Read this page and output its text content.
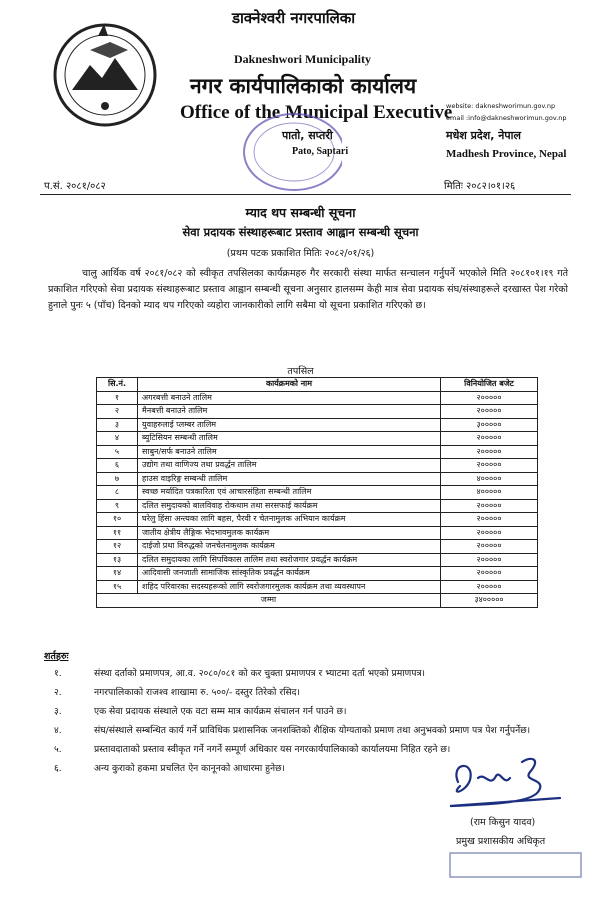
डाक्नेश्वरी नगरपालिका
Dakneshwori Municipality
नगर कार्यपालिकाको कार्यालय
Office of the Municipal Executive
website: dakneshworimun.gov.np
email :info@dakneshworimun.gov.np
पातो, सप्तरी
Pato, Saptari
मधेश प्रदेश, नेपाल
Madhesh Province, Nepal
प.सं. २०८१/०८२	मितिः २०८२।०१।२६
म्याद थप सम्बन्धी सूचना
सेवा प्रदायक संस्थाहरूबाट प्रस्ताव आह्वान सम्बन्धी सूचना
(प्रथम पटक प्रकाशित मितिः २०८२/०१/२६)
चालु आर्थिक वर्ष २०८१/०८२ को स्वीकृत तपसिलका कार्यक्रमहरु गैर सरकारी संस्था मार्फत सन्चालन गर्नुपर्ने भएकोले मिति २०८१०१।१९ गते प्रकाशित गरिएको सेवा प्रदायक संस्थाहरूबाट प्रस्ताव आह्वान सम्बन्धी सूचना अनुसार हालसम्म केही मात्र सेवा प्रदायक संघ/संस्थाहरूले दरखास्त पेश गरेको हुनाले पुनः ५ (पाँच) दिनको म्याद थप गरिएको व्यहोरा जानकारीको लागि सबैमा यो सूचना प्रकाशित गरिएको छ।
तपसिल
सि.नं.	कार्यक्रमको नाम	विनियोजित बजेट
१	अगरबत्ती बनाउने तालिम	२०००००
२	मैनबत्ती बनाउने तालिम	२०००००
३	युवाहरुलाई प्लम्बर तालिम	३०००००
४	ब्युटिसियन सम्बन्धी तालिम	२०००००
५	साबुन/सर्फ बनाउने तालिम	२०००००
६	उद्योग तथा वाणिज्य तथा प्रवर्द्धन तालिम	२०००००
७	हाउस वाइरिङ्ग सम्बन्धी तालिम	४०००००
८	स्वच्छ मर्यादित पत्रकारिता एवं आचारसंहिता सम्बन्धी तालिम	४०००००
९	दलित समुदायको बालविवाह रोकथाम तथा सरसफाई कार्यक्रम	२०००००
१०	घरेलु हिंसा अन्त्यका लागि बहस, पैरवी र चेतनामुलक अभियान कार्यक्रम	२०००००
११	जातीय क्षेत्रीय लैङ्गिक भेदभावमुलक कार्यक्रम	२०००००
१२	दाईजो प्रथा विरुद्धको जनचेतनामुलक कार्यक्रम	२०००००
१३	दलित समुदायका लागि सिपविकास तालिम तथा स्वरोजगार प्रवर्द्धन कार्यक्रम	२०००००
१४	आदिवासी जनजाती सामाजिक सांस्कृतिक प्रवर्द्धन कार्यक्रम	२०००००
१५	शहिद परिवारका सदस्यहरूको लागि स्वरोजगारमुलक कार्यक्रम तथा व्यवस्थापन	२०००००
जम्मा		३४०००००
शर्तहरुः
१.	संस्था दर्ताको प्रमाणपत्र, आ.व. २०८०/०८१ को कर चुक्ता प्रमाणपत्र र भ्याटमा दर्ता भएको प्रमाणपत्र।
२.	नगरपालिकाको राजश्व शाखामा रु. ५००/- दस्तुर तिरेको रसिद।
३.	एक सेवा प्रदायक संस्थाले एक वटा सम्म मात्र कार्यक्रम संचालन गर्न पाउने छ।
४.	संघ/संस्थाले सम्बन्धित कार्य गर्ने प्राविधिक प्रशासनिक जनशक्तिको शैक्षिक योग्यताको प्रमाण तथा अनुभवको प्रमाण पत्र पेश गर्नुपर्नेछ।
५.	प्रस्तावदाताको प्रस्ताव स्वीकृत गर्ने नगर्ने सम्पूर्ण अधिकार यस नगरकार्यपालिकाको कार्यालयमा निहित रहने छ।
६.	अन्य कुराको हकमा प्रचलित ऐन कानूनको आधारमा हुनेछ।
(राम किसुन यादव)
प्रमुख प्रशासकीय अधिकृत
